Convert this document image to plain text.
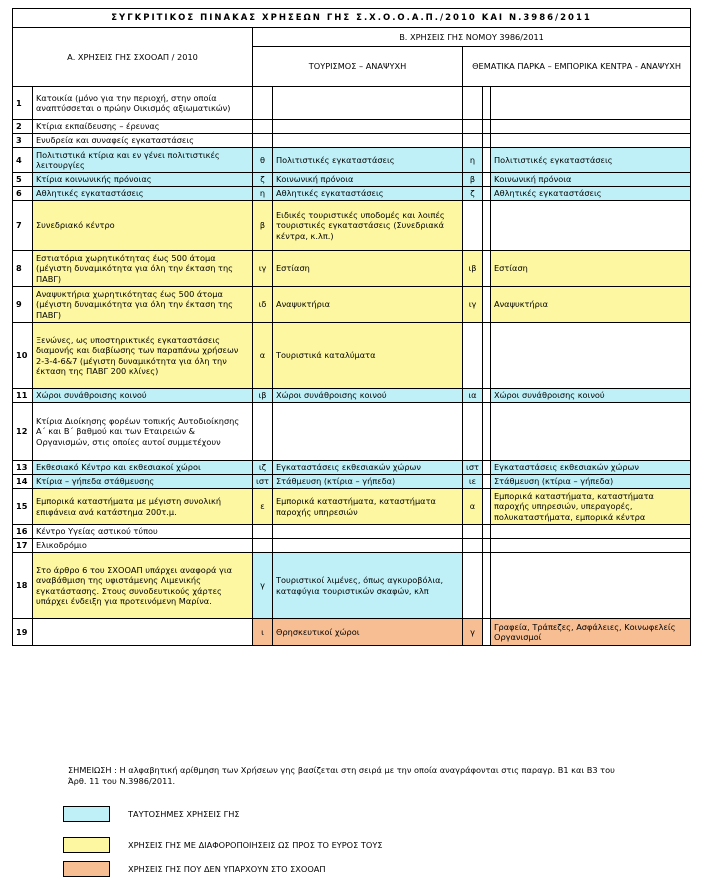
ΣΥΓΚΡΙΤΙΚΟΣ ΠΙΝΑΚΑΣ ΧΡΗΣΕΩΝ ΓΗΣ Σ.Χ.Ο.Ο.Α.Π./2010 ΚΑΙ Ν.3986/2011						
Α. ΧΡΗΣΕΙΣ ΓΗΣ ΣΧΟΟΑΠ / 2010		Β. ΧΡΗΣΕΙΣ ΓΗΣ ΝΟΜΟΥ 3986/2011				
		ΤΟΥΡΙΣΜΟΣ – ΑΝΑΨΥΧΗ		ΘΕΜΑΤΙΚΑ ΠΑΡΚΑ – ΕΜΠΟΡΙΚΑ ΚΕΝΤΡΑ - ΑΝΑΨΥΧΗ		
1	Κατοικία (μόνο για την περιοχή, στην οποία αναπτύσσεται ο πρώην Οικισμός αξιωματικών)					
2	Κτίρια εκπαίδευσης – έρευνας					
3	Ενυδρεία και συναφείς εγκαταστάσεις					
4	Πολιτιστικά κτίρια και εν γένει πολιτιστικές λειτουργίες	θ	Πολιτιστικές εγκαταστάσεις	η		Πολιτιστικές εγκαταστάσεις
5	Κτίρια κοινωνικής πρόνοιας	ζ	Κοινωνική πρόνοια	β		Κοινωνική πρόνοια
6	Αθλητικές εγκαταστάσεις	η	Αθλητικές εγκαταστάσεις	ζ		Αθλητικές εγκαταστάσεις
7	Συνεδριακό κέντρο	β	Ειδικές τουριστικές υποδομές και λοιπές τουριστικές εγκαταστάσεις (Συνεδριακά κέντρα, κ.λπ.)			
8	Εστιατόρια χωρητικότητας έως 500 άτομα (μέγιστη δυναμικότητα για όλη την έκταση της ΠΑΒΓ)	ιγ	Εστίαση	ιβ		Εστίαση
9	Αναψυκτήρια χωρητικότητας έως 500 άτομα (μέγιστη δυναμικότητα για όλη την έκταση της ΠΑΒΓ)	ιδ	Αναψυκτήρια	ιγ		Αναψυκτήρια
10	Ξενώνες, ως υποστηρικτικές εγκαταστάσεις διαμονής και διαβίωσης των παραπάνω χρήσεων 2-3-4-6&7 (μέγιστη δυναμικότητα για όλη την έκταση της ΠΑΒΓ 200 κλίνες)	α	Τουριστικά καταλύματα			
11	Χώροι συνάθροισης κοινού	ιβ	Χώροι συνάθροισης κοινού	ια		Χώροι συνάθροισης κοινού
12	Κτίρια Διοίκησης φορέων τοπικής Αυτοδιοίκησης Α΄ και Β΄ βαθμού και των Εταιρειών & Οργανισμών, στις οποίες αυτοί συμμετέχουν					
13	Εκθεσιακό Κέντρο και εκθεσιακοί χώροι	ιζ	Εγκαταστάσεις εκθεσιακών χώρων	ιστ		Εγκαταστάσεις εκθεσιακών χώρων
14	Κτίρια – γήπεδα στάθμευσης	ιστ	Στάθμευση (κτίρια – γήπεδα)	ιε		Στάθμευση (κτίρια – γήπεδα)
15	Εμπορικά καταστήματα με μέγιστη συνολική επιφάνεια ανά κατάστημα 200τ.μ.	ε	Εμπορικά καταστήματα, καταστήματα παροχής υπηρεσιών	α		Εμπορικά καταστήματα, καταστήματα παροχής υπηρεσιών, υπεραγορές, πολυκαταστήματα, εμπορικά κέντρα
16	Κέντρο Υγείας αστικού τύπου					
17	Ελικοδρόμιο					
18	Στο άρθρο 6 του ΣΧΟΟΑΠ υπάρχει αναφορά για αναβάθμιση της υφιστάμενης Λιμενικής εγκατάστασης. Στους συνοδευτικούς χάρτες υπάρχει ένδειξη για προτεινόμενη Μαρίνα.	γ	Τουριστικοί λιμένες, όπως αγκυροβόλια, καταφύγια τουριστικών σκαφών, κλπ			
19		ι	Θρησκευτικοί χώροι	γ		Γραφεία, Τράπεζες, Ασφάλειες, Κοινωφελείς Οργανισμοί
ΣΗΜΕΙΩΣΗ : Η αλφαβητική αρίθμηση των Χρήσεων γης βασίζεται στη σειρά με την οποία αναγράφονται στις παραγρ. Β1 και Β3 του Άρθ. 11 του Ν.3986/2011.
ΤΑΥΤΟΣΗΜΕΣ ΧΡΗΣΕΙΣ ΓΗΣ
ΧΡΗΣΕΙΣ ΓΗΣ ΜΕ ΔΙΑΦΟΡΟΠΟΙΗΣΕΙΣ ΩΣ ΠΡΟΣ ΤΟ ΕΥΡΟΣ ΤΟΥΣ
ΧΡΗΣΕΙΣ ΓΗΣ ΠΟΥ ΔΕΝ ΥΠΑΡΧΟΥΝ ΣΤΟ ΣΧΟΟΑΠ
